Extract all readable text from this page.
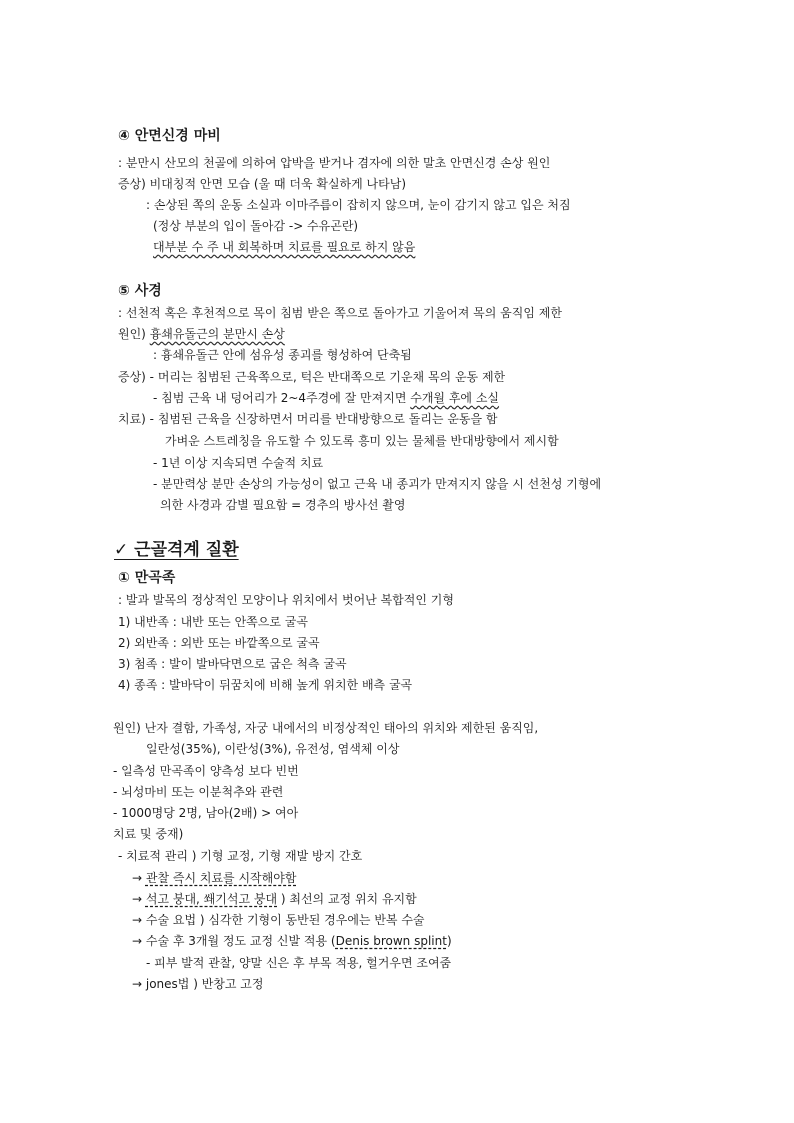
④ 안면신경 마비
: 분만시 산모의 천골에 의하여 압박을 받거나 겸자에 의한 말초 안면신경 손상 원인
증상) 비대칭적 안면 모습 (울 때 더욱 확실하게 나타남)
: 손상된 쪽의 운동 소실과 이마주름이 잡히지 않으며, 눈이 감기지 않고 입은 처짐
(정상 부분의 입이 돌아감 -> 수유곤란)
대부분 수 주 내 회복하며 치료를 필요로 하지 않음
⑤ 사경
: 선천적 혹은 후천적으로 목이 침범 받은 쪽으로 돌아가고 기울어져 목의 움직임 제한
원인) 흉쇄유돌근의 분만시 손상
: 흉쇄유돌근 안에 섬유성 종괴를 형성하여 단축됨
증상) - 머리는 침범된 근육쪽으로, 턱은 반대쪽으로 기운채 목의 운동 제한
- 침범 근육 내 덩어리가 2~4주경에 잘 만져지면 수개월 후에 소실
치료) - 침범된 근육을 신장하면서 머리를 반대방향으로 돌리는 운동을 함
가벼운 스트레칭을 유도할 수 있도록 흥미 있는 물체를 반대방향에서 제시함
- 1년 이상 지속되면 수술적 치료
- 분만력상 분만 손상의 가능성이 없고 근육 내 종괴가 만져지지 않을 시 선천성 기형에
의한 사경과 감별 필요함 = 경추의 방사선 촬영
✓ 근골격계 질환
① 만곡족
: 발과 발목의 정상적인 모양이나 위치에서 벗어난 복합적인 기형
1) 내반족 : 내반 또는 안쪽으로 굴곡
2) 외반족 : 외반 또는 바깥쪽으로 굴곡
3) 첨족 : 발이 발바닥면으로 굽은 척측 굴곡
4) 종족 : 발바닥이 뒤꿈치에 비해 높게 위치한 배측 굴곡
원인) 난자 결함, 가족성, 자궁 내에서의 비정상적인 태아의 위치와 제한된 움직임,
일란성(35%), 이란성(3%), 유전성, 염색체 이상
- 일측성 만곡족이 양측성 보다 빈번
- 뇌성마비 또는 이분척추와 관련
- 1000명당 2명, 남아(2배) > 여아
치료 및 중재)
- 치료적 관리 ) 기형 교정, 기형 재발 방지 간호
→ 관찰 즉시 치료를 시작해야함
→ 석고 붕대, 쐐기석고 붕대 ) 최선의 교정 위치 유지함
→ 수술 요법 ) 심각한 기형이 동반된 경우에는 반복 수술
→ 수술 후 3개월 정도 교정 신발 적용 (Denis brown splint)
- 피부 발적 관찰, 양말 신은 후 부목 적용, 헐거우면 조여줌
→ jones법 ) 반창고 고정
